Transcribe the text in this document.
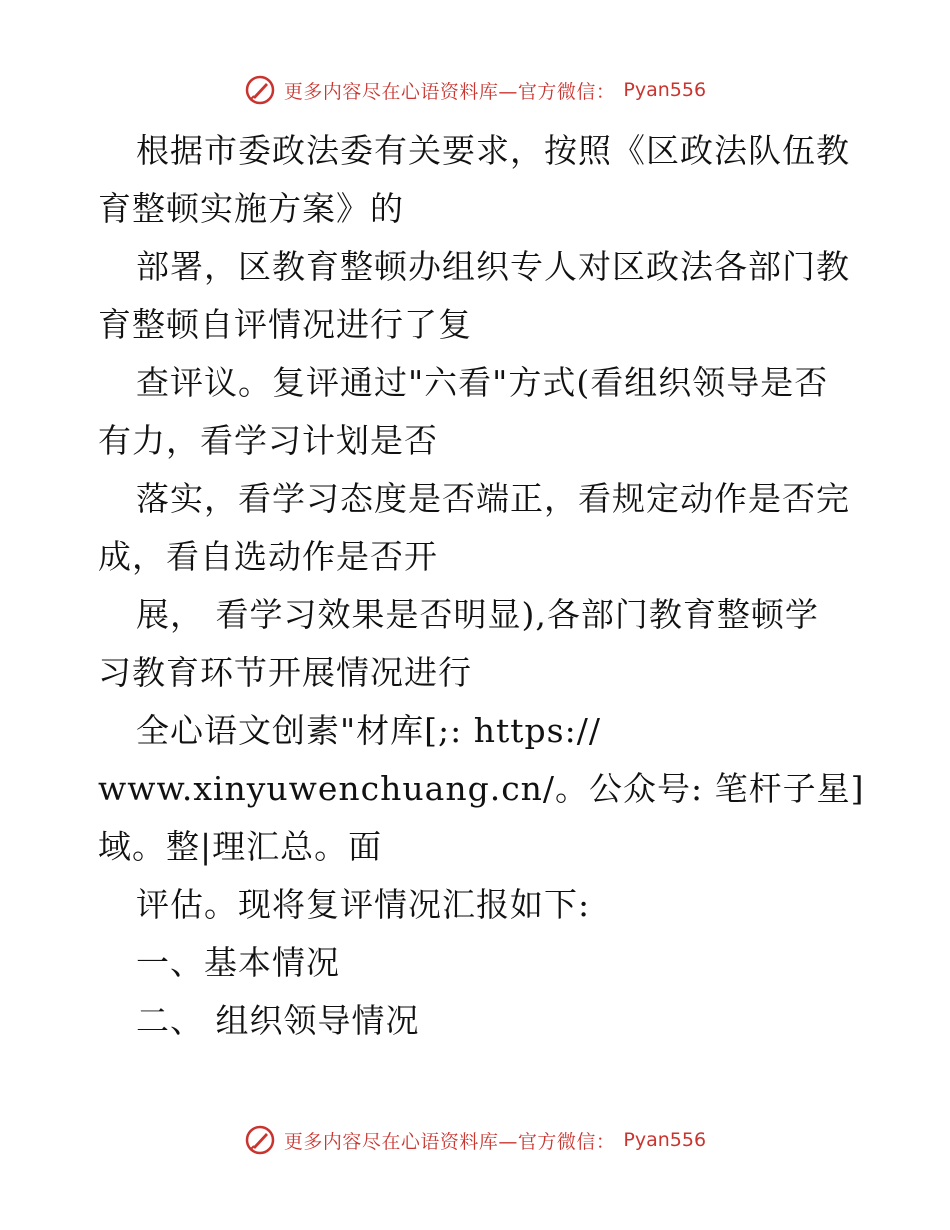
更多内容尽在心语资料库—官方微信： Pyan556
根据市委政法委有关要求，按照《区政法队伍教
育整顿实施方案》的
部署，区教育整顿办组织专人对区政法各部门教
育整顿自评情况进行了复
查评议。复评通过"六看"方式(看组织领导是否
有力，看学习计划是否
落实，看学习态度是否端正，看规定动作是否完
成，看自选动作是否开
展， 看学习效果是否明显),各部门教育整顿学
习教育环节开展情况进行
全心语文创素"材库[;: https://
www.xinyuwenchuang.cn/。公众号: 笔杆子星]
域。整|理汇总。面
评估。现将复评情况汇报如下:
一、基本情况
二、 组织领导情况
更多内容尽在心语资料库—官方微信： Pyan556
